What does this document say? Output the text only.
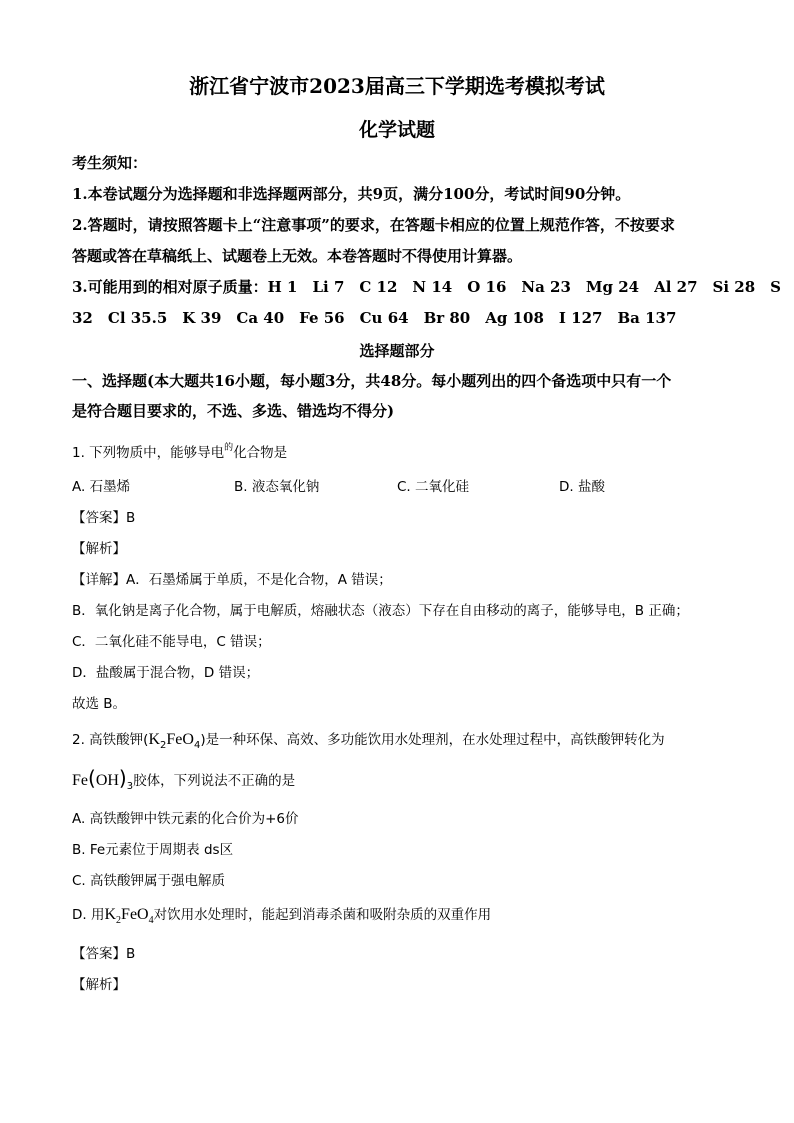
浙江省宁波市2023届高三下学期选考模拟考试
化学试题
考生须知：
1.本卷试题分为选择题和非选择题两部分，共9页，满分100分，考试时间90分钟。
2.答题时，请按照答题卡上“注意事项”的要求，在答题卡相应的位置上规范作答，不按要求
答题或答在草稿纸上、试题卷上无效。本卷答题时不得使用计算器。
3.可能用到的相对原子质量：H 1　Li 7　C 12　N 14　O 16　Na 23　Mg 24　Al 27　Si 28　S
32　Cl 35.5　K 39　Ca 40　Fe 56　Cu 64　Br 80　Ag 108　I 127　Ba 137
选择题部分
一、选择题(本大题共16小题，每小题3分，共48分。每小题列出的四个备选项中只有一个
是符合题目要求的，不选、多选、错选均不得分)
1. 下列物质中，能够导电$^的$化合物是
A. 石墨烯	B. 液态氧化钠	C. 二氧化硅	D. 盐酸
【答案】B
【解析】
【详解】A．石墨烯属于单质，不是化合物，A 错误；
B．氧化钠是离子化合物，属于电解质，熔融状态（液态）下存在自由移动的离子，能够导电，B 正确；
C．二氧化硅不能导电，C 错误；
D．盐酸属于混合物，D 错误；
故选 B。
2. 高铁酸钾$(K_2FeO_4)$是一种环保、高效、多功能饮用水处理剂，在水处理过程中，高铁酸钾转化为
$Fe(OH)_3$胶体，下列说法不正确的是
A. 高铁酸钾中铁元素的化合价为+6价
B. Fe元素位于周期表 ds区
C. 高铁酸钾属于强电解质
D. 用$K_2FeO_4$对饮用水处理时，能起到消毒杀菌和吸附杂质的双重作用
【答案】B
【解析】
